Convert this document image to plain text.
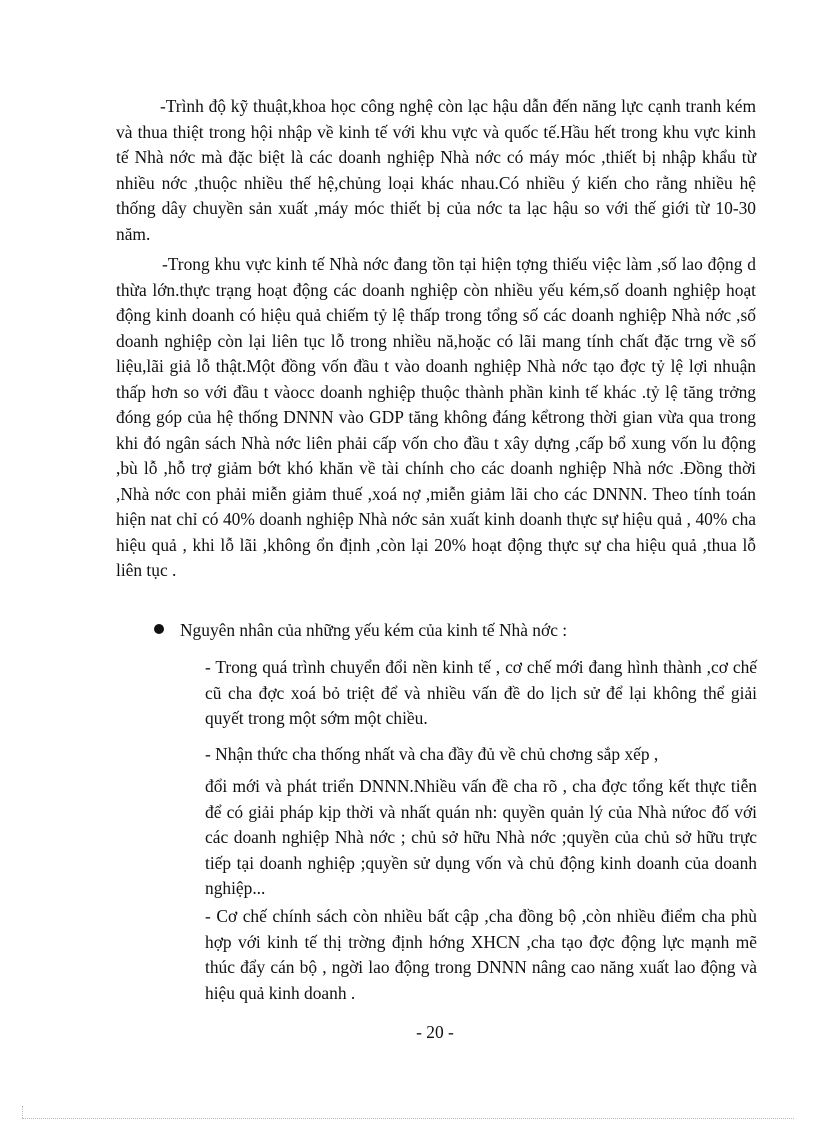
-Trình độ kỹ thuật,khoa học công nghệ còn lạc hậu dẫn đến năng lực cạnh tranh kém và thua thiệt trong hội nhập về kinh tế với khu vực và quốc tế.Hầu hết trong khu vực kinh tế Nhà nớc mà đặc biệt là các doanh nghiệp Nhà nớc có máy móc ,thiết bị nhập khẩu từ nhiều nớc ,thuộc nhiều thế hệ,chủng loại khác nhau.Có nhiều ý kiến cho rằng nhiều hệ thống dây chuyền sản xuất ,máy móc thiết bị của nớc ta lạc hậu so với thế giới từ 10-30 năm.

-Trong khu vực kinh tế Nhà nớc đang tồn tại hiện tợng thiếu việc làm ,số lao động d thừa lớn.thực trạng hoạt động các doanh nghiệp còn nhiều yếu kém,số doanh nghiệp hoạt động kinh doanh có hiệu quả chiếm tỷ lệ thấp trong tổng số các doanh nghiệp Nhà nớc ,số doanh nghiệp còn lại liên tục lỗ trong nhiều nă,hoặc có lãi mang tính chất đặc trng về số liệu,lãi giả lỗ thật.Một đồng vốn đầu t vào doanh nghiệp Nhà nớc tạo đợc tỷ lệ lợi nhuận thấp hơn so với đầu t vàocc doanh nghiệp thuộc thành phần kinh tế khác .tỷ lệ tăng trởng đóng góp của hệ thống DNNN vào GDP tăng không đáng kểtrong thời gian vừa qua trong khi đó ngân sách Nhà nớc liên phải cấp vốn cho đầu t xây dựng ,cấp bổ xung vốn lu động ,bù lỗ ,hỗ trợ giảm bớt khó khăn về tài chính cho các doanh nghiệp Nhà nớc .Đồng thời ,Nhà nớc con phải miễn giảm thuế ,xoá nợ ,miễn giảm lãi cho các DNNN. Theo tính toán hiện nat chỉ có 40% doanh nghiệp Nhà nớc sản xuất kinh doanh thực sự hiệu quả , 40% cha hiệu quả , khi lỗ lãi ,không ổn định ,còn lại 20% hoạt động thực sự cha hiệu quả ,thua lỗ liên tục .

Nguyên nhân của những yếu kém của kinh tế Nhà nớc :

- Trong quá trình chuyển đổi nền kinh tế , cơ chế mới đang hình thành ,cơ chế cũ cha đợc xoá bỏ triệt để và nhiều vấn đề do lịch sử để lại không thể giải quyết trong một sớm một chiều.

- Nhận thức cha thống nhất và cha đầy đủ về chủ chơng sắp xếp ,

đổi mới và phát triển DNNN.Nhiều vấn đề cha rõ , cha đợc tổng kết thực tiễn để có giải pháp kịp thời và nhất quán nh: quyền quản lý của Nhà nứoc đố với các doanh nghiệp Nhà nớc ; chủ sở hữu Nhà nớc ;quyền của chủ sở hữu trực tiếp tại doanh nghiệp ;quyền sử dụng vốn và chủ động kinh doanh của doanh nghiệp...

- Cơ chế chính sách còn nhiều bất cập ,cha đồng bộ ,còn nhiều điểm cha phù hợp với kinh tế thị trờng định hớng XHCN ,cha tạo đợc động lực mạnh mẽ thúc đẩy cán bộ , ngời lao động trong DNNN nâng cao năng xuất lao động và hiệu quả kinh doanh .

- 20 -
